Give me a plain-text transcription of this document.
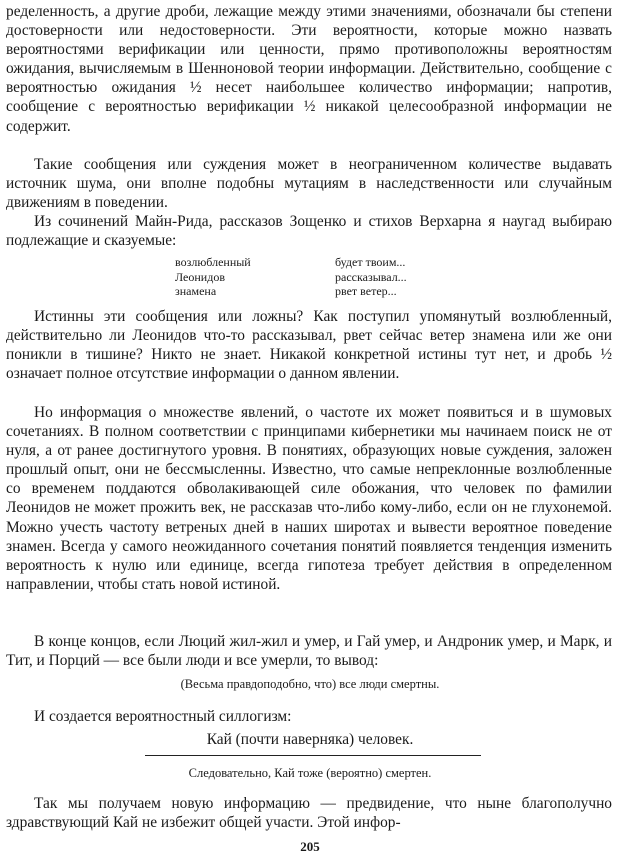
ределенность, а другие дроби, лежащие между этими значениями, обозначали бы степени достоверности или недостоверности. Эти вероятности, которые можно назвать вероятностями верификации или ценности, прямо противоположны вероятностям ожидания, вычисляемым в Шенноновой теории информации. Действительно, сообщение с вероятностью ожидания ½ несет наибольшее количество информации; напротив, сообщение с вероятностью верификации ½ никакой целесообразной информации не содержит.

Такие сообщения или суждения может в неограниченном количестве выдавать источник шума, они вполне подобны мутациям в наследственности или случайным движениям в поведении.

Из сочинений Майн-Рида, рассказов Зощенко и стихов Верхарна я наугад выбираю подлежащие и сказуемые:

возлюбленный	будет твоим...
Леонидов	рассказывал...
знамена	рвет ветер...

Истинны эти сообщения или ложны? Как поступил упомянутый возлюбленный, действительно ли Леонидов что-то рассказывал, рвет сейчас ветер знамена или же они поникли в тишине? Никто не знает. Никакой конкретной истины тут нет, и дробь ½ означает полное отсутствие информации о данном явлении.

Но информация о множестве явлений, о частоте их может появиться и в шумовых сочетаниях. В полном соответствии с принципами кибернетики мы начинаем поиск не от нуля, а от ранее достигнутого уровня. В понятиях, образующих новые суждения, заложен прошлый опыт, они не бессмысленны. Известно, что самые непреклонные возлюбленные со временем поддаются обволакивающей силе обожания, что человек по фамилии Леонидов не может прожить век, не рассказав что-либо кому-либо, если он не глухонемой. Можно учесть частоту ветреных дней в наших широтах и вывести вероятное поведение знамен. Всегда у самого неожиданного сочетания понятий появляется тенденция изменить вероятность к нулю или единице, всегда гипотеза требует действия в определенном направлении, чтобы стать новой истиной.

В конце концов, если Люций жил-жил и умер, и Гай умер, и Андроник умер, и Марк, и Тит, и Порций — все были люди и все умерли, то вывод:

(Весьма правдоподобно, что) все люди смертны.

И создается вероятностный силлогизм:

Кай (почти наверняка) человек.
Следовательно, Кай тоже (вероятно) смертен.

Так мы получаем новую информацию — предвидение, что ныне благополучно здравствующий Кай не избежит общей участи. Этой инфор-

205
